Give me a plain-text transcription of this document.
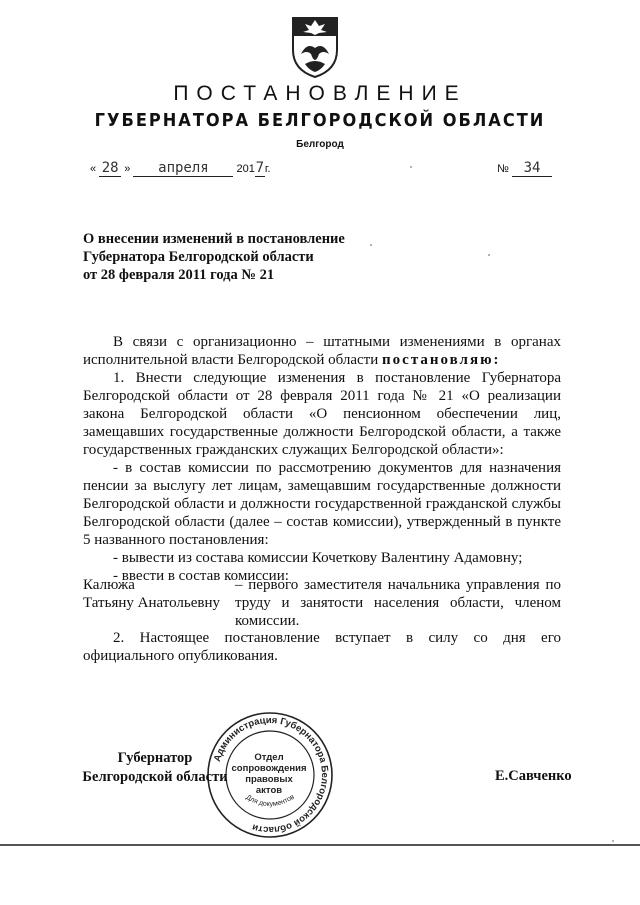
ПОСТАНОВЛЕНИЕ
ГУБЕРНАТОРА БЕЛГОРОДСКОЙ ОБЛАСТИ
Белгород
« 28 » апреля	2017г.	№ 34
О внесении изменений в постановление
Губернатора Белгородской области
от 28 февраля 2011 года № 21

В связи с организационно – штатными изменениями в органах исполнительной власти Белгородской области постановляю:

1. Внести следующие изменения в постановление Губернатора Белгородской области от 28 февраля 2011 года № 21 «О реализации закона Белгородской области «О пенсионном обеспечении лиц, замещавших государственные должности Белгородской области, а также государственных гражданских служащих Белгородской области»:

- в состав комиссии по рассмотрению документов для назначения пенсии за выслугу лет лицам, замещавшим государственные должности Белгородской области и должности государственной гражданской службы Белгородской области (далее – состав комиссии), утвержденный в пункте 5 названного постановления:

- вывести из состава комиссии Кочеткову Валентину Адамовну;

- ввести в состав комиссии:

Калюжа
Татьяну Анатольевну
– первого заместителя начальника управления по труду и занятости населения области, членом комиссии.

2. Настоящее постановление вступает в силу со дня его официального опубликования.

Администрация Губернатора Белгородской области
Для документов
Отдел
сопровождения
правовых
актов
Губернатор
Белгородской области	Е.Савченко
